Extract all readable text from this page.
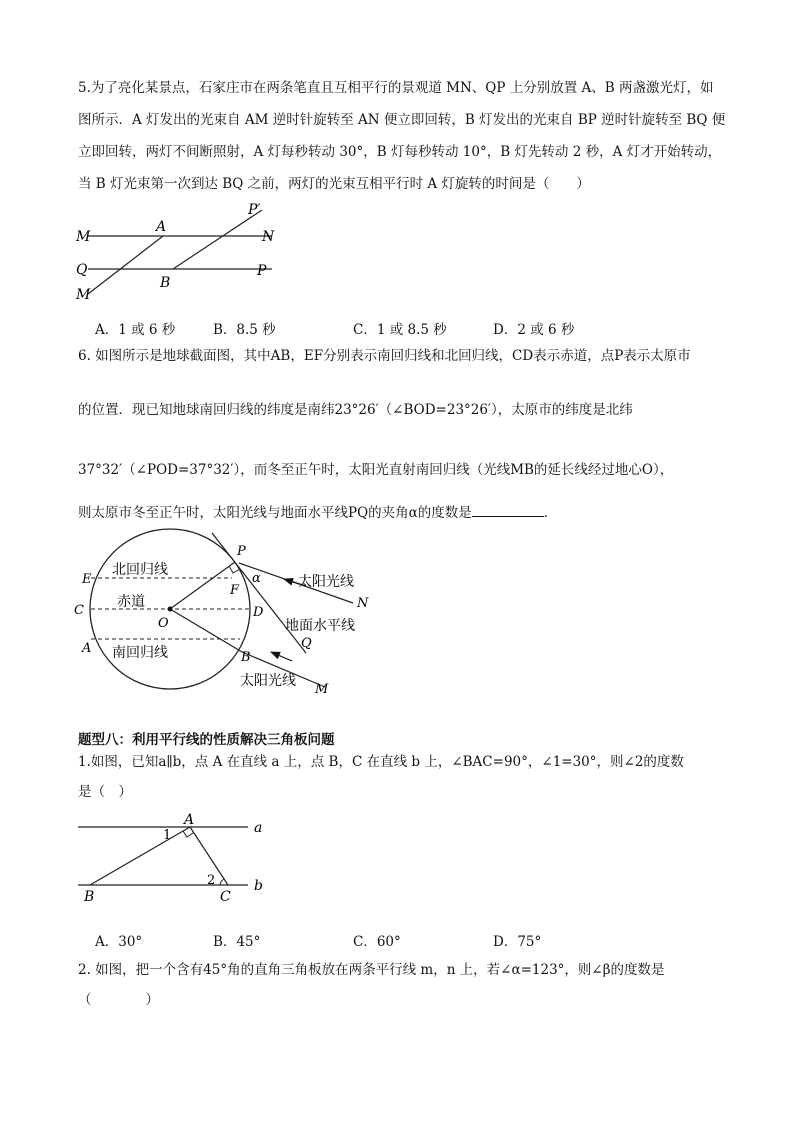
5.为了亮化某景点，石家庄市在两条笔直且互相平行的景观道 MN、QP 上分别放置 A、B 两盏激光灯，如
图所示．A 灯发出的光束自 AM 逆时针旋转至 AN 便立即回转，B 灯发出的光束自 BP 逆时针旋转至 BQ 便
立即回转，两灯不间断照射，A 灯每秒转动 30°，B 灯每秒转动 10°，B 灯先转动 2 秒，A 灯才开始转动，
当 B 灯光束第一次到达 BQ 之前，两灯的光束互相平行时 A 灯旋转的时间是（　　）
M
A
P′
N
Q
B
P
M
A．1 或 6 秒	B．8.5 秒	C．1 或 8.5 秒	D．2 或 6 秒
6. 如图所示是地球截面图，其中AB，EF分别表示南回归线和北回归线，CD表示赤道，点P表示太原市
的位置．现已知地球南回归线的纬度是南纬23°26′（∠BOD=23°26′），太原市的纬度是北纬
37°32′（∠POD=37°32′），而冬至正午时，太阳光直射南回归线（光线MB的延长线经过地心O），
则太原市冬至正午时，太阳光线与地面水平线PQ的夹角α的度数是	．
P
E
北回归线
F
α	太阳光线
N
C
赤道
O
D
地面水平线
Q
A 南回归线	B
太阳光线
M
题型八：利用平行线的性质解决三角板问题
1.如图，已知a∥b，点 A 在直线 a 上，点 B，C 在直线 b 上，∠BAC=90°，∠1=30°，则∠2的度数
是（　）
A	a
1
2
B	C
b
A．30°	B．45°	C．60°	D．75°
2. 如图，把一个含有45°角的直角三角板放在两条平行线 m，n 上，若∠α=123°，则∠β的度数是
（　　　　）
